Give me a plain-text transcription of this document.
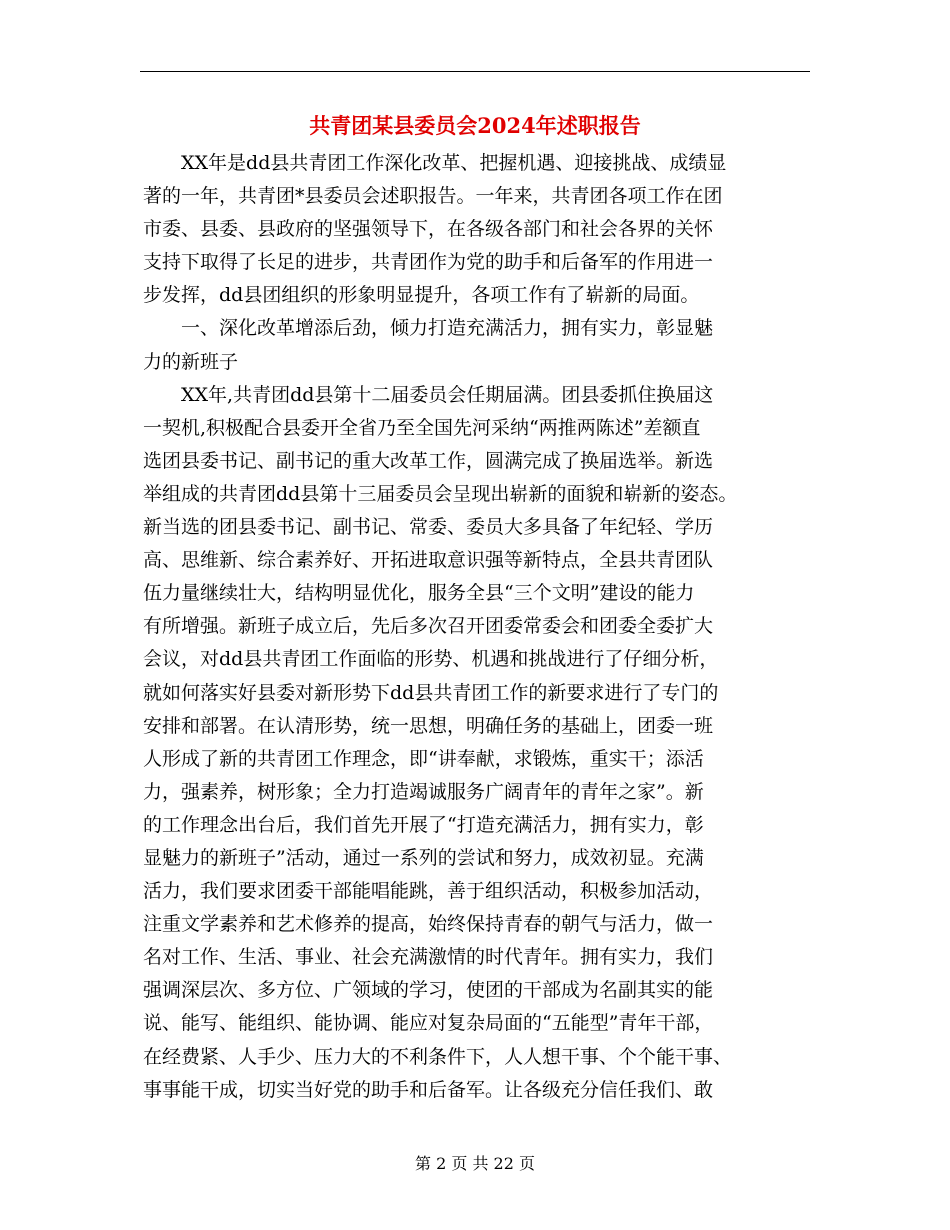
共青团某县委员会2024年述职报告
XX年是dd县共青团工作深化改革、把握机遇、迎接挑战、成绩显
著的一年，共青团*县委员会述职报告。一年来，共青团各项工作在团
市委、县委、县政府的坚强领导下，在各级各部门和社会各界的关怀
支持下取得了长足的进步，共青团作为党的助手和后备军的作用进一
步发挥，dd县团组织的形象明显提升，各项工作有了崭新的局面。
一、深化改革增添后劲，倾力打造充满活力，拥有实力，彰显魅
力的新班子
XX年,共青团dd县第十二届委员会任期届满。团县委抓住换届这
一契机,积极配合县委开全省乃至全国先河采纳“两推两陈述”差额直
选团县委书记、副书记的重大改革工作，圆满完成了换届选举。新选
举组成的共青团dd县第十三届委员会呈现出崭新的面貌和崭新的姿态。
新当选的团县委书记、副书记、常委、委员大多具备了年纪轻、学历
高、思维新、综合素养好、开拓进取意识强等新特点，全县共青团队
伍力量继续壮大，结构明显优化，服务全县“三个文明”建设的能力
有所增强。新班子成立后，先后多次召开团委常委会和团委全委扩大
会议，对dd县共青团工作面临的形势、机遇和挑战进行了仔细分析，
就如何落实好县委对新形势下dd县共青团工作的新要求进行了专门的
安排和部署。在认清形势，统一思想，明确任务的基础上，团委一班
人形成了新的共青团工作理念，即“讲奉献，求锻炼，重实干；添活
力，强素养，树形象；全力打造竭诚服务广阔青年的青年之家”。新
的工作理念出台后，我们首先开展了“打造充满活力，拥有实力，彰
显魅力的新班子”活动，通过一系列的尝试和努力，成效初显。充满
活力，我们要求团委干部能唱能跳，善于组织活动，积极参加活动，
注重文学素养和艺术修养的提高，始终保持青春的朝气与活力，做一
名对工作、生活、事业、社会充满激情的时代青年。拥有实力，我们
强调深层次、多方位、广领域的学习，使团的干部成为名副其实的能
说、能写、能组织、能协调、能应对复杂局面的“五能型”青年干部，
在经费紧、人手少、压力大的不利条件下，人人想干事、个个能干事、
事事能干成，切实当好党的助手和后备军。让各级充分信任我们、敢
第 2 页 共 22 页
